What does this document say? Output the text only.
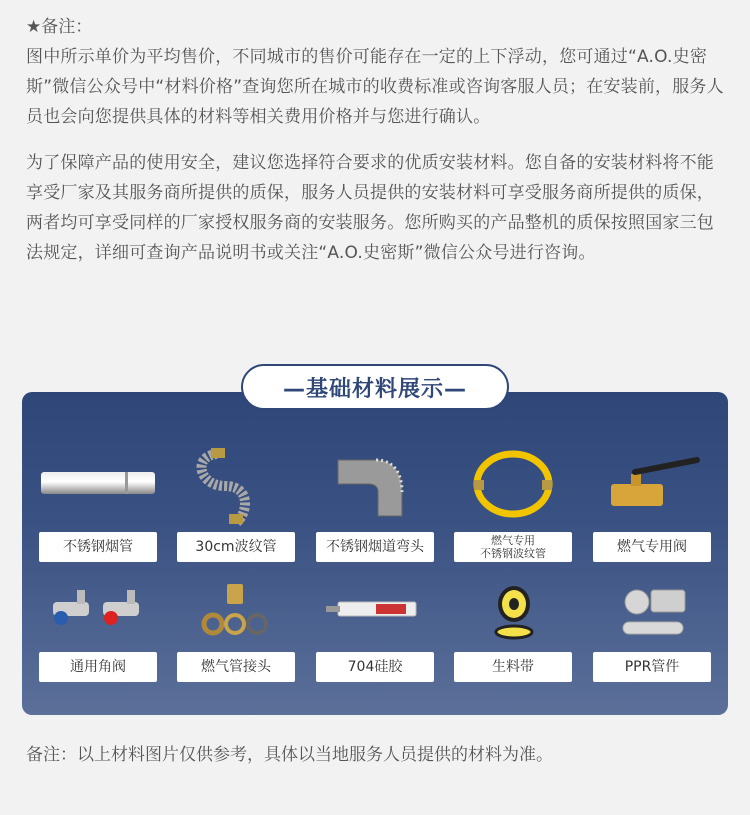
★备注：

图中所示单价为平均售价，不同城市的售价可能存在一定的上下浮动，您可通过“A.O.史密斯”微信公众号中“材料价格”查询您所在城市的收费标准或咨询客服人员；在安装前，服务人员也会向您提供具体的材料等相关费用价格并与您进行确认。

为了保障产品的使用安全，建议您选择符合要求的优质安装材料。您自备的安装材料将不能享受厂家及其服务商所提供的质保，服务人员提供的安装材料可享受服务商所提供的质保，两者均可享受同样的厂家授权服务商的安装服务。您所购买的产品整机的质保按照国家三包法规定，详细可查询产品说明书或关注“A.O.史密斯”微信公众号进行咨询。

—基础材料展示—
不锈钢烟管	30cm波纹管	不锈钢烟道弯头	燃气专用
不锈钢波纹管	燃气专用阀
通用角阀	燃气管接头	704硅胶	生料带	PPR管件
备注：以上材料图片仅供参考，具体以当地服务人员提供的材料为准。
